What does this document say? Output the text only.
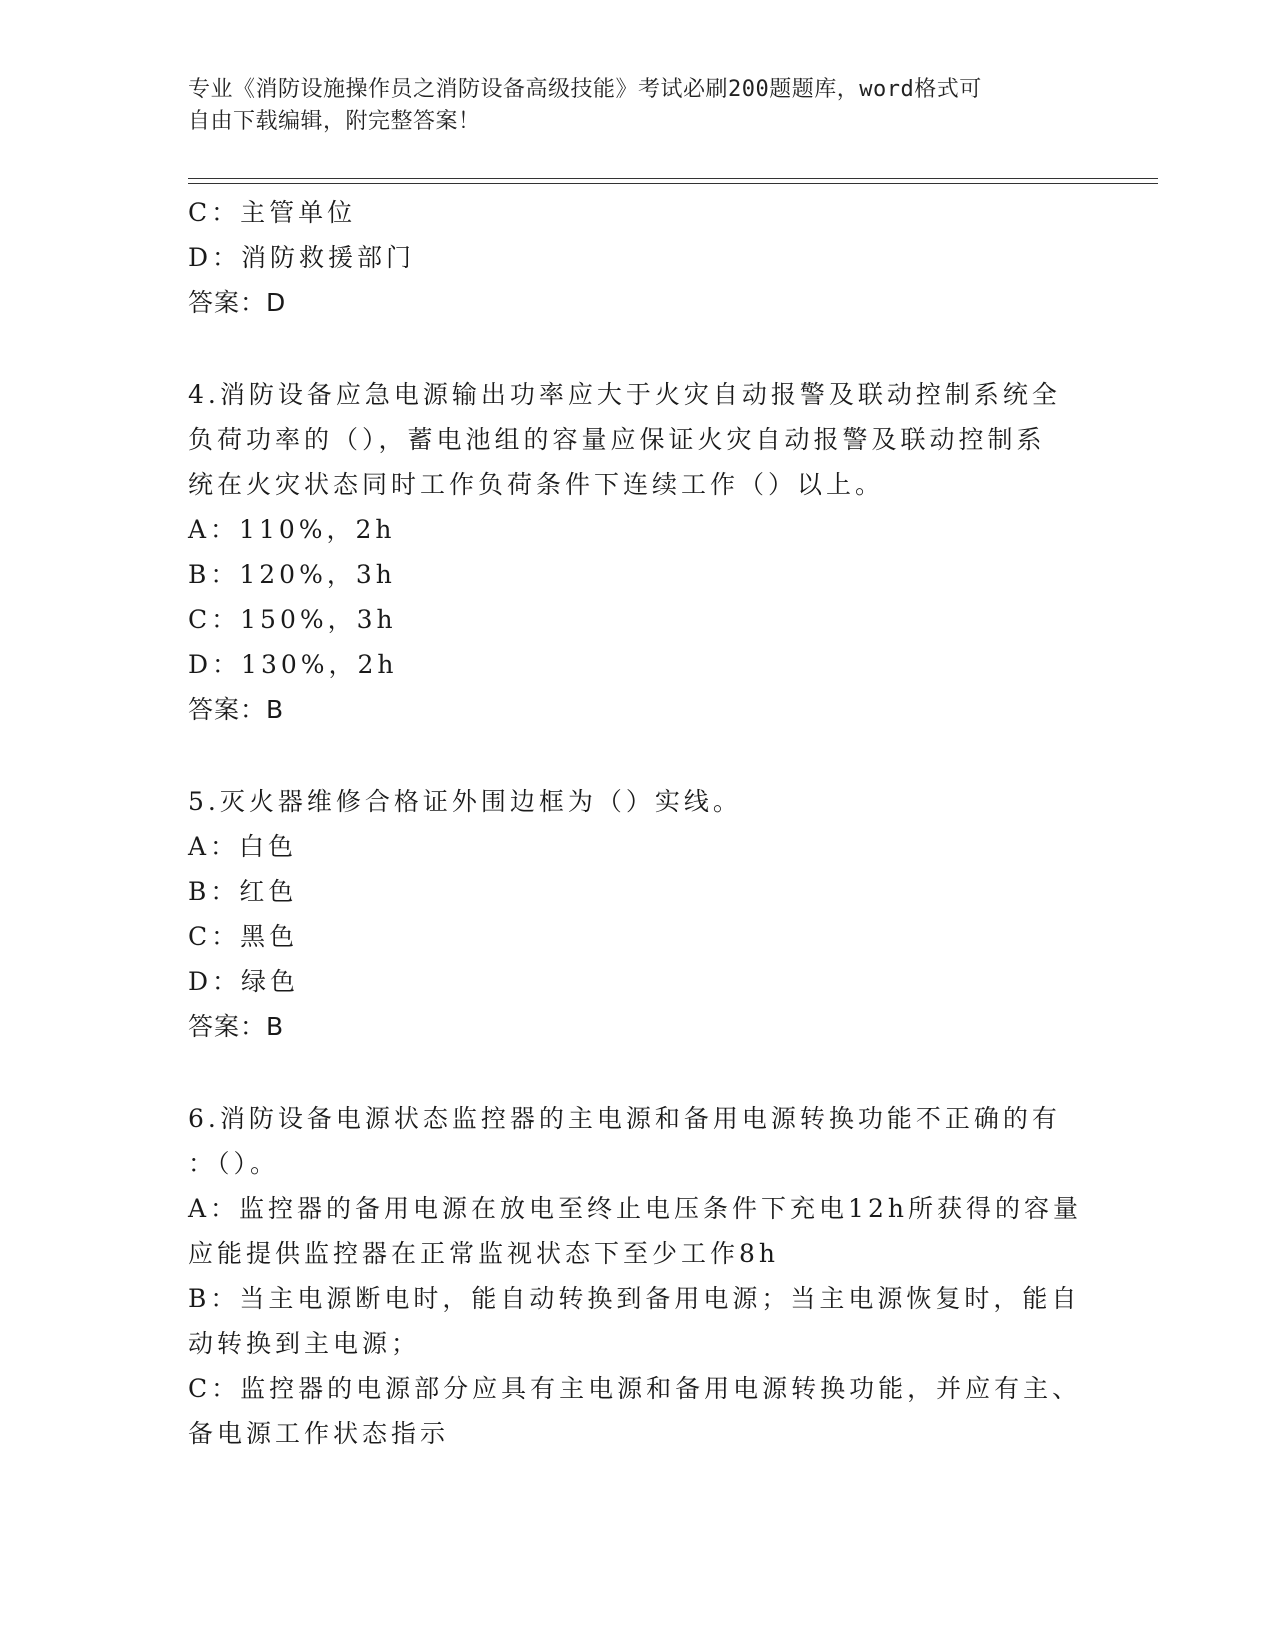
专业《消防设施操作员之消防设备高级技能》考试必刷200题题库，word格式可
自由下载编辑，附完整答案！
C：主管单位
D：消防救援部门
答案：D
4.消防设备应急电源输出功率应大于火灾自动报警及联动控制系统全
负荷功率的（），蓄电池组的容量应保证火灾自动报警及联动控制系
统在火灾状态同时工作负荷条件下连续工作（）以上。
A：110%，2h
B：120%，3h
C：150%，3h
D：130%，2h
答案：B
5.灭火器维修合格证外围边框为（）实线。
A：白色
B：红色
C：黑色
D：绿色
答案：B
6.消防设备电源状态监控器的主电源和备用电源转换功能不正确的有
：（）。
A：监控器的备用电源在放电至终止电压条件下充电12h所获得的容量
应能提供监控器在正常监视状态下至少工作8h
B：当主电源断电时，能自动转换到备用电源；当主电源恢复时，能自
动转换到主电源；
C：监控器的电源部分应具有主电源和备用电源转换功能，并应有主、
备电源工作状态指示
